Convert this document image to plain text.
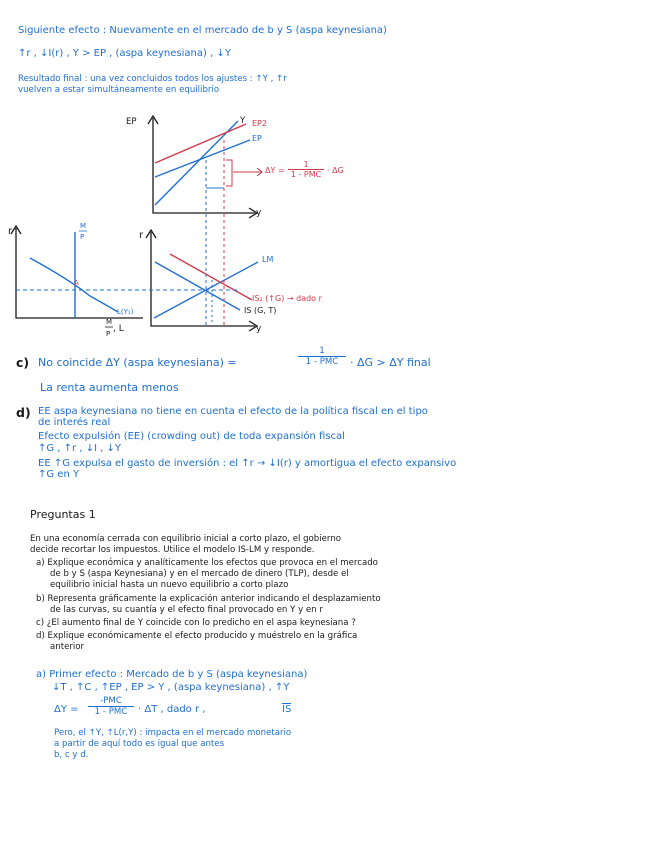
Siguiente efecto : Nuevamente en el mercado de b y S (aspa keynesiana)
↑r , ↓I(r) , Y > EP , (aspa keynesiana) , ↓Y
Resultado final : una vez concluidos todos los ajustes : ↑Y , ↑r
vuelven a estar simultáneamente en equilibrio
EP
y
Y EP2
EP
r	M
P
L(Y₁)
A
M
P , L
r
y
LM
IS₂ (↑G) → dado r
IS (G, T)
ΔY =
1
1 - PMC · ΔG
c) No coincide ΔY (aspa keynesiana) =
1
1 - PMC · ΔG > ΔY final
La renta aumenta menos
d) EE aspa keynesiana no tiene en cuenta el efecto de la política fiscal en el tipo
de interés real
Efecto expulsión (EE) (crowding out) de toda expansión fiscal
↑G , ↑r , ↓I , ↓Y
EE ↑G expulsa el gasto de inversión : el ↑r → ↓I(r) y amortigua el efecto expansivo
↑G en Y
Preguntas 1
En una economía cerrada con equilibrio inicial a corto plazo, el gobierno
decide recortar los impuestos. Utilice el modelo IS-LM y responde.
a) Explique económica y analíticamente los efectos que provoca en el mercado
de b y S (aspa Keynesiana) y en el mercado de dinero (TLP), desde el
equilibrio inicial hasta un nuevo equilibrio a corto plazo
b) Representa gráficamente la explicación anterior indicando el desplazamiento
de las curvas, su cuantía y el efecto final provocado en Y y en r
c) ¿El aumento final de Y coincide con lo predicho en el aspa keynesiana ?
d) Explique económicamente el efecto producido y muéstrelo en la gráfica
anterior
a) Primer efecto : Mercado de b y S (aspa keynesiana)
↓T , ↑C , ↑EP , EP > Y , (aspa keynesiana) , ↑Y
ΔY =
-PMC
1 - PMC · ΔT , dado r ,	IS
Pero, el ↑Y, ↑L(r,Y) : impacta en el mercado monetario
a partir de aquí todo es igual que antes
b, c y d.
